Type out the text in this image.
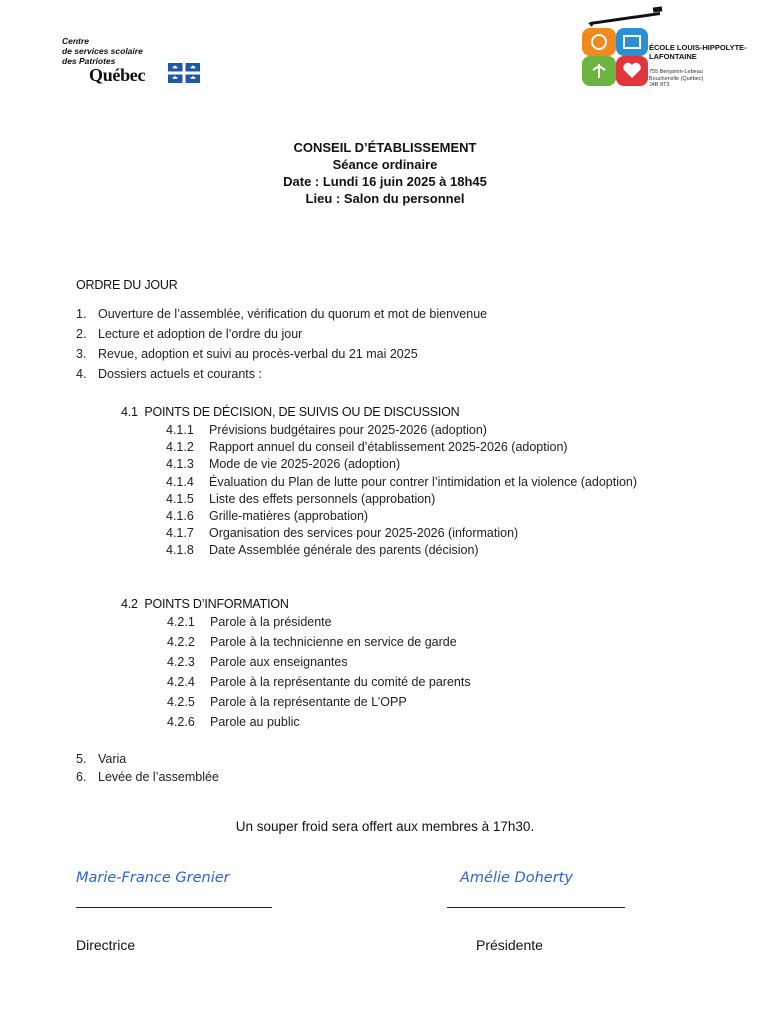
Centre
de services scolaire
des Patriotes
Québec
ÉCOLE LOUIS-HIPPOLYTE-
LAFONTAINE
755 Benjamin-Lebeau
Boucherville (Québec)
J4B 8T3
CONSEIL D’ÉTABLISSEMENT
Séance ordinaire
Date : Lundi 16 juin 2025 à 18h45
Lieu : Salon du personnel
ORDRE DU JOUR
1. Ouverture de l’assemblée, vérification du quorum et mot de bienvenue
2. Lecture et adoption de l’ordre du jour
3. Revue, adoption et suivi au procès-verbal du 21 mai 2025
4. Dossiers actuels et courants :
4.1 POINTS DE DÉCISION, DE SUIVIS OU DE DISCUSSION
4.1.1 Prévisions budgétaires pour 2025-2026 (adoption)
4.1.2 Rapport annuel du conseil d’établissement 2025-2026 (adoption)
4.1.3 Mode de vie 2025-2026 (adoption)
4.1.4 Évaluation du Plan de lutte pour contrer l’intimidation et la violence (adoption)
4.1.5 Liste des effets personnels (approbation)
4.1.6 Grille-matières (approbation)
4.1.7 Organisation des services pour 2025-2026 (information)
4.1.8 Date Assemblée générale des parents (décision)
4.2 POINTS D’INFORMATION
4.2.1 Parole à la présidente
4.2.2 Parole à la technicienne en service de garde
4.2.3 Parole aux enseignantes
4.2.4 Parole à la représentante du comité de parents
4.2.5 Parole à la représentante de L’OPP
4.2.6 Parole au public
5. Varia
6. Levée de l’assemblée
Un souper froid sera offert aux membres à 17h30.
Marie-France Grenier
Directrice
Amélie Doherty
Présidente
